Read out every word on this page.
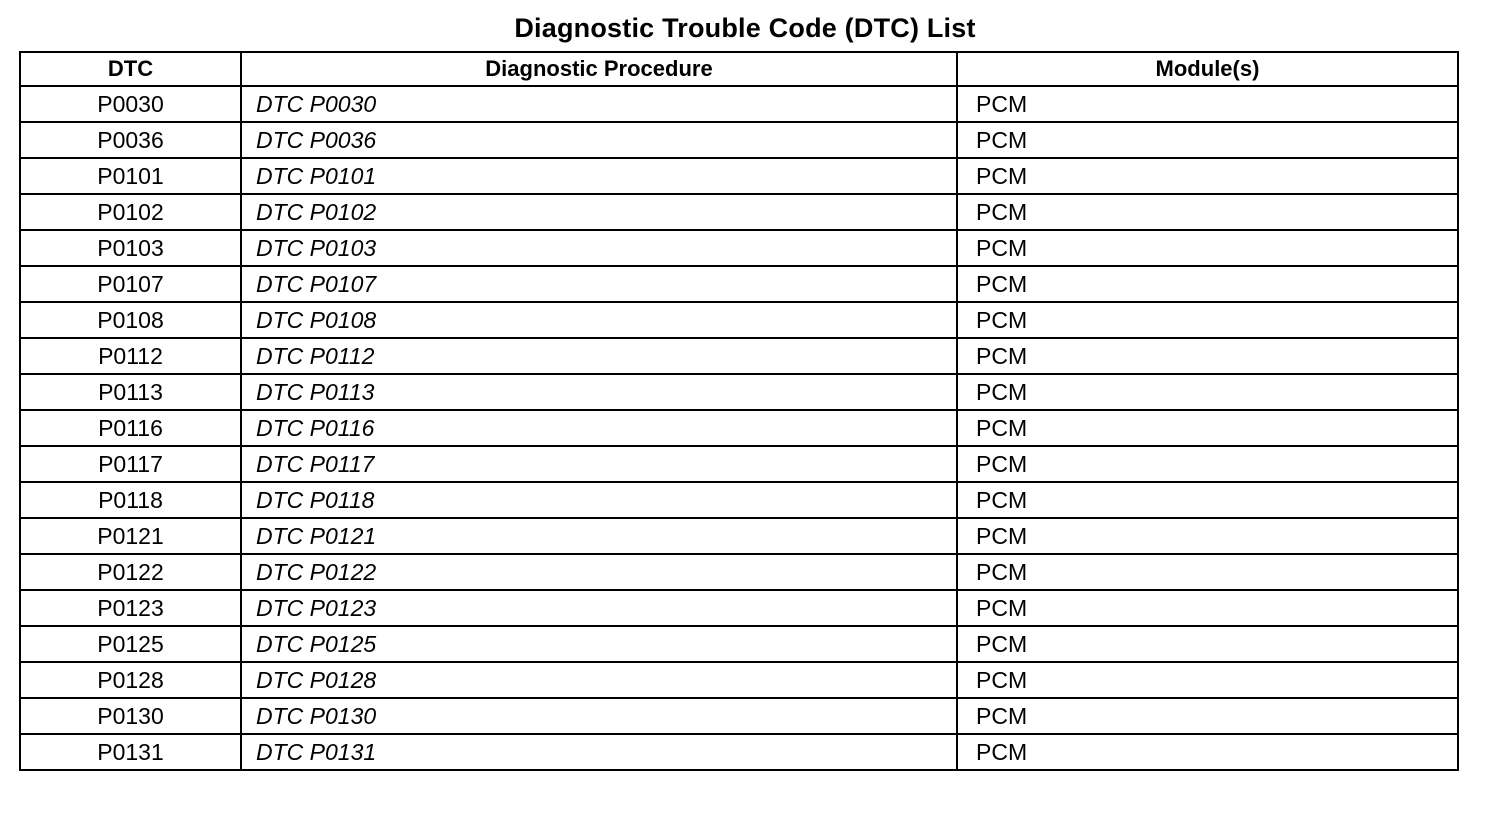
Diagnostic Trouble Code (DTC) List
DTC	Diagnostic Procedure	Module(s)
P0030	DTC P0030	PCM
P0036	DTC P0036	PCM
P0101	DTC P0101	PCM
P0102	DTC P0102	PCM
P0103	DTC P0103	PCM
P0107	DTC P0107	PCM
P0108	DTC P0108	PCM
P0112	DTC P0112	PCM
P0113	DTC P0113	PCM
P0116	DTC P0116	PCM
P0117	DTC P0117	PCM
P0118	DTC P0118	PCM
P0121	DTC P0121	PCM
P0122	DTC P0122	PCM
P0123	DTC P0123	PCM
P0125	DTC P0125	PCM
P0128	DTC P0128	PCM
P0130	DTC P0130	PCM
P0131	DTC P0131	PCM
